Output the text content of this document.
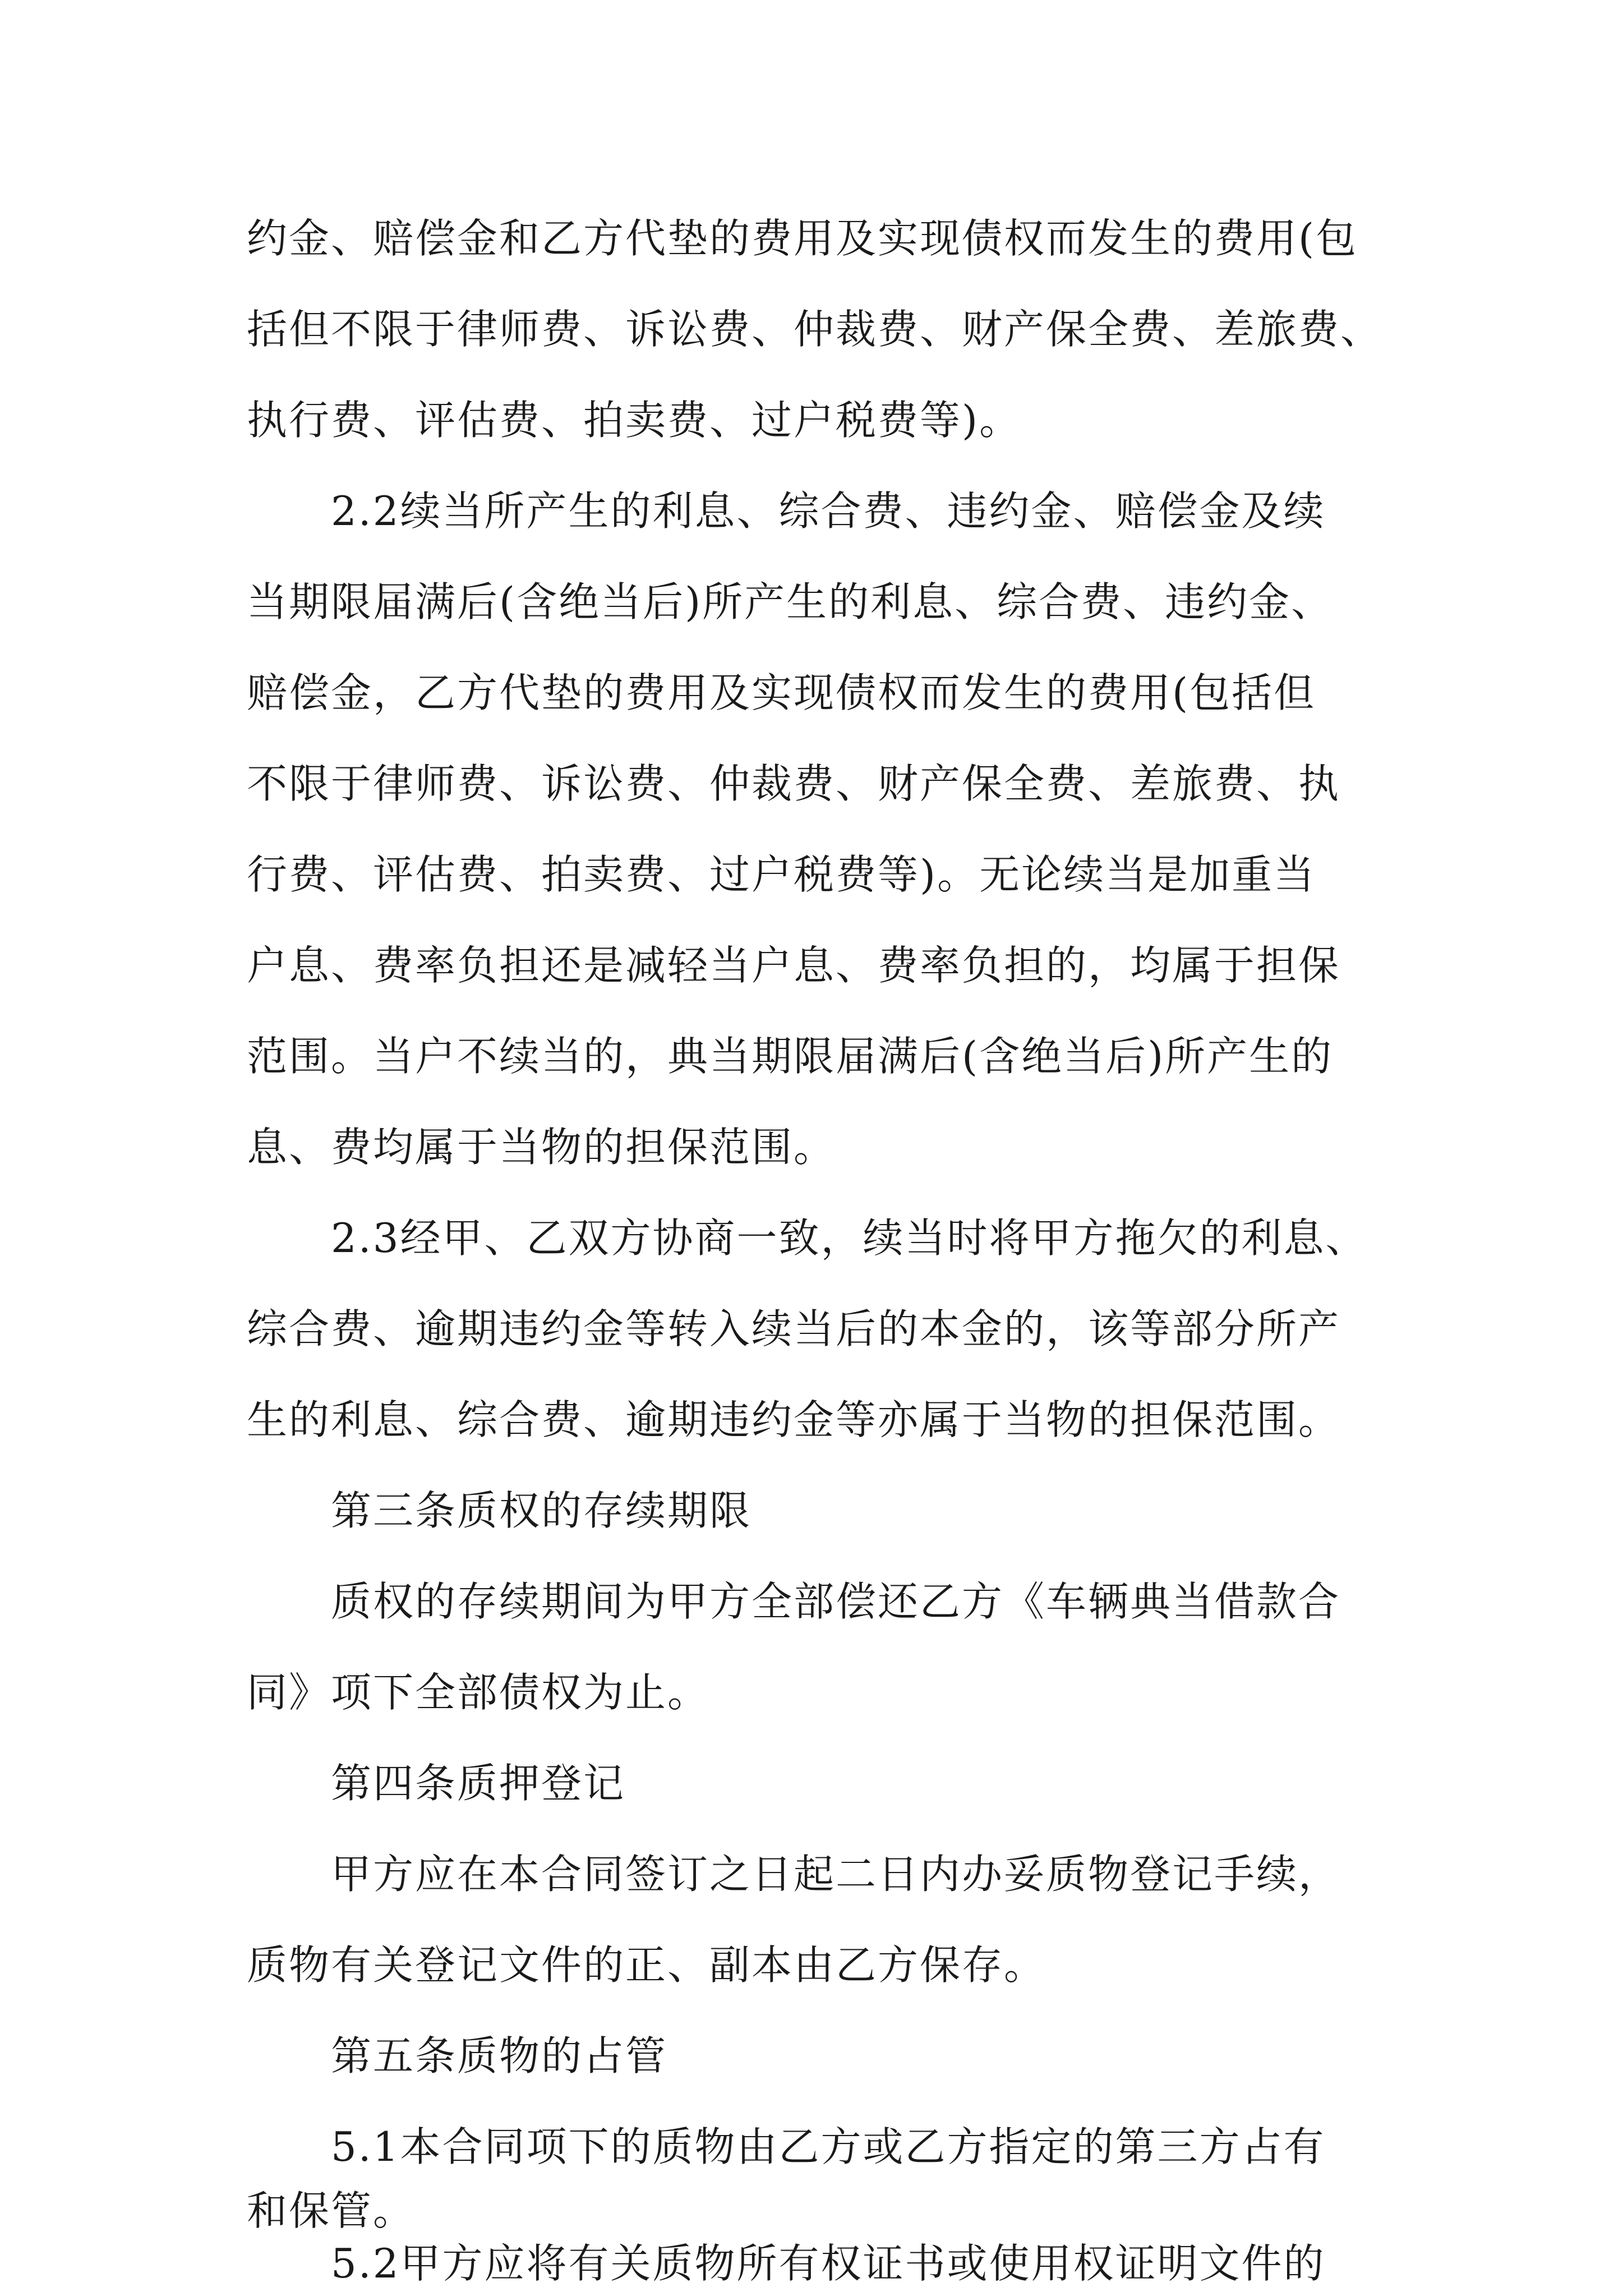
约金、赔偿金和乙方代垫的费用及实现债权而发生的费用(包
括但不限于律师费、诉讼费、仲裁费、财产保全费、差旅费、
执行费、评估费、拍卖费、过户税费等)。
2.2续当所产生的利息、综合费、违约金、赔偿金及续
当期限届满后(含绝当后)所产生的利息、综合费、违约金、
赔偿金，乙方代垫的费用及实现债权而发生的费用(包括但
不限于律师费、诉讼费、仲裁费、财产保全费、差旅费、执
行费、评估费、拍卖费、过户税费等)。无论续当是加重当
户息、费率负担还是减轻当户息、费率负担的，均属于担保
范围。当户不续当的，典当期限届满后(含绝当后)所产生的
息、费均属于当物的担保范围。
2.3经甲、乙双方协商一致，续当时将甲方拖欠的利息、
综合费、逾期违约金等转入续当后的本金的，该等部分所产
生的利息、综合费、逾期违约金等亦属于当物的担保范围。
第三条质权的存续期限
质权的存续期间为甲方全部偿还乙方《车辆典当借款合
同》项下全部债权为止。
第四条质押登记
甲方应在本合同签订之日起二日内办妥质物登记手续，
质物有关登记文件的正、副本由乙方保存。
第五条质物的占管
5.1本合同项下的质物由乙方或乙方指定的第三方占有
和保管。
5.2甲方应将有关质物所有权证书或使用权证明文件的
